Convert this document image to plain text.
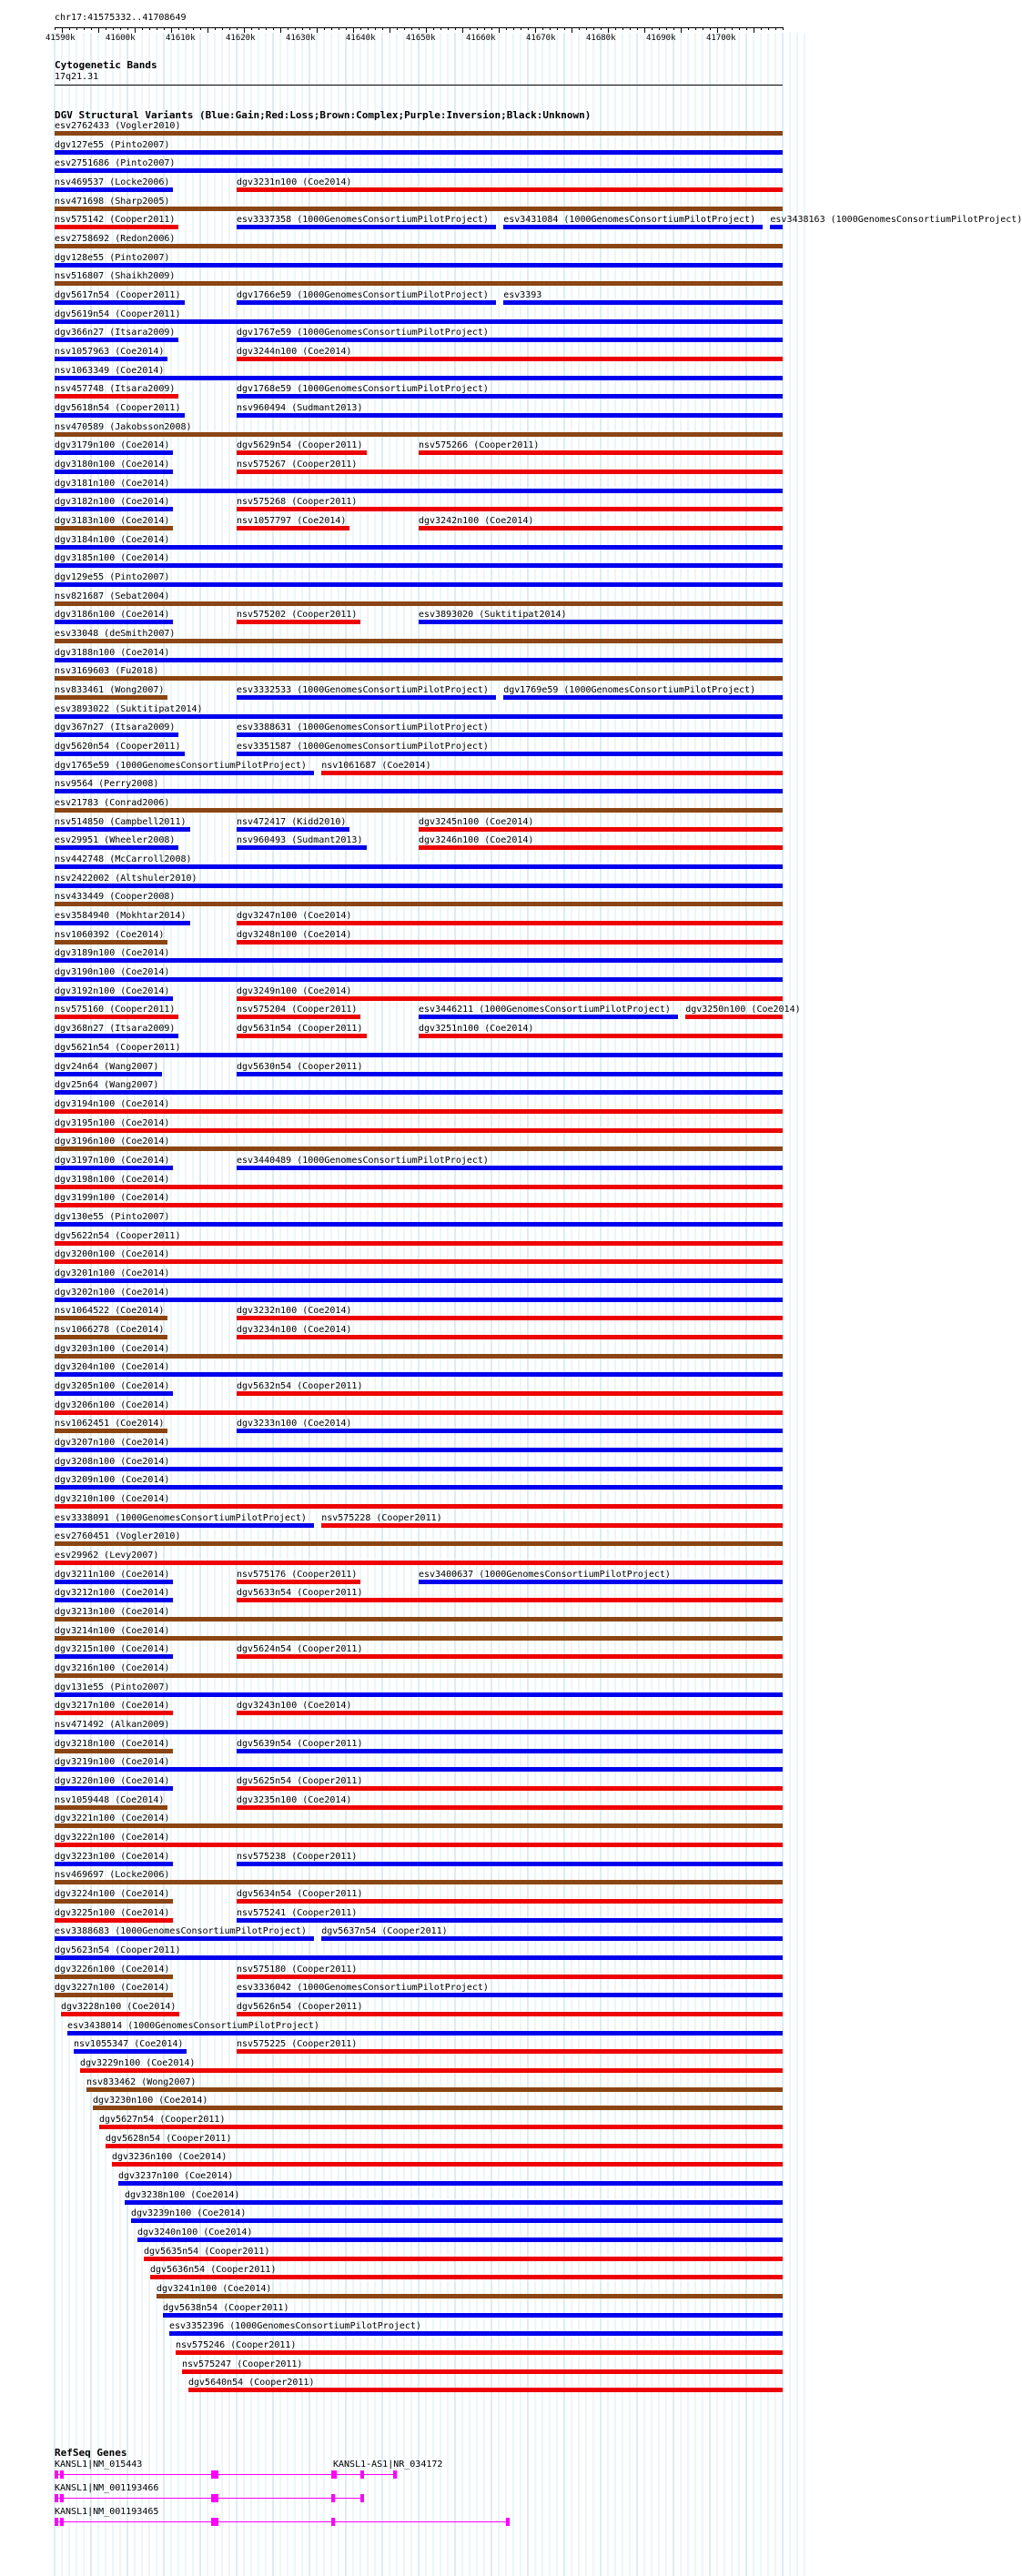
chr17:41575332..41708649
41590k	41600k	41610k	41620k	41630k	41640k	41650k	41660k	41670k	41680k	41690k	41700k
Cytogenetic Bands
17q21.31
DGV Structural Variants (Blue:Gain;Red:Loss;Brown:Complex;Purple:Inversion;Black:Unknown)
esv2762433 (Vogler2010)
dgv127e55 (Pinto2007)
esv2751686 (Pinto2007)
nsv469537 (Locke2006)	dgv3231n100 (Coe2014)
nsv471698 (Sharp2005)
nsv575142 (Cooper2011)	esv3337358 (1000GenomesConsortiumPilotProject) esv3431084 (1000GenomesConsortiumPilotProject) esv3438163 (1000GenomesConsortiumPilotProject)
esv2758692 (Redon2006)
dgv128e55 (Pinto2007)
nsv516807 (Shaikh2009)
dgv5617n54 (Cooper2011)	dgv1766e59 (1000GenomesConsortiumPilotProject) esv3393
dgv5619n54 (Cooper2011)
dgv366n27 (Itsara2009)	dgv1767e59 (1000GenomesConsortiumPilotProject)
nsv1057963 (Coe2014)	dgv3244n100 (Coe2014)
nsv1063349 (Coe2014)
nsv457748 (Itsara2009)	dgv1768e59 (1000GenomesConsortiumPilotProject)
dgv5618n54 (Cooper2011)	nsv960494 (Sudmant2013)
nsv470589 (Jakobsson2008)
dgv3179n100 (Coe2014)	dgv5629n54 (Cooper2011)	nsv575266 (Cooper2011)
dgv3180n100 (Coe2014)	nsv575267 (Cooper2011)
dgv3181n100 (Coe2014)
dgv3182n100 (Coe2014)	nsv575268 (Cooper2011)
dgv3183n100 (Coe2014)	nsv1057797 (Coe2014)	dgv3242n100 (Coe2014)
dgv3184n100 (Coe2014)
dgv3185n100 (Coe2014)
dgv129e55 (Pinto2007)
nsv821687 (Sebat2004)
dgv3186n100 (Coe2014)	nsv575202 (Cooper2011)	esv3893020 (Suktitipat2014)
esv33048 (deSmith2007)
dgv3188n100 (Coe2014)
nsv3169603 (Fu2018)
nsv833461 (Wong2007)	esv3332533 (1000GenomesConsortiumPilotProject) dgv1769e59 (1000GenomesConsortiumPilotProject)
esv3893022 (Suktitipat2014)
dgv367n27 (Itsara2009)	esv3388631 (1000GenomesConsortiumPilotProject)
dgv5620n54 (Cooper2011)	esv3351587 (1000GenomesConsortiumPilotProject)
dgv1765e59 (1000GenomesConsortiumPilotProject) nsv1061687 (Coe2014)
nsv9564 (Perry2008)
esv21783 (Conrad2006)
nsv514850 (Campbell2011)	nsv472417 (Kidd2010)	dgv3245n100 (Coe2014)
esv29951 (Wheeler2008)	nsv960493 (Sudmant2013)	dgv3246n100 (Coe2014)
nsv442748 (McCarroll2008)
nsv2422002 (Altshuler2010)
nsv433449 (Cooper2008)
esv3584940 (Mokhtar2014)	dgv3247n100 (Coe2014)
nsv1060392 (Coe2014)	dgv3248n100 (Coe2014)
dgv3189n100 (Coe2014)
dgv3190n100 (Coe2014)
dgv3192n100 (Coe2014)	dgv3249n100 (Coe2014)
nsv575160 (Cooper2011)	nsv575204 (Cooper2011)	esv3446211 (1000GenomesConsortiumPilotProject) dgv3250n100 (Coe2014)
dgv368n27 (Itsara2009)	dgv5631n54 (Cooper2011)	dgv3251n100 (Coe2014)
dgv5621n54 (Cooper2011)
dgv24n64 (Wang2007)	dgv5630n54 (Cooper2011)
dgv25n64 (Wang2007)
dgv3194n100 (Coe2014)
dgv3195n100 (Coe2014)
dgv3196n100 (Coe2014)
dgv3197n100 (Coe2014)	esv3440489 (1000GenomesConsortiumPilotProject)
dgv3198n100 (Coe2014)
dgv3199n100 (Coe2014)
dgv130e55 (Pinto2007)
dgv5622n54 (Cooper2011)
dgv3200n100 (Coe2014)
dgv3201n100 (Coe2014)
dgv3202n100 (Coe2014)
nsv1064522 (Coe2014)	dgv3232n100 (Coe2014)
nsv1066278 (Coe2014)	dgv3234n100 (Coe2014)
dgv3203n100 (Coe2014)
dgv3204n100 (Coe2014)
dgv3205n100 (Coe2014)	dgv5632n54 (Cooper2011)
dgv3206n100 (Coe2014)
nsv1062451 (Coe2014)	dgv3233n100 (Coe2014)
dgv3207n100 (Coe2014)
dgv3208n100 (Coe2014)
dgv3209n100 (Coe2014)
dgv3210n100 (Coe2014)
esv3338091 (1000GenomesConsortiumPilotProject) nsv575228 (Cooper2011)
esv2760451 (Vogler2010)
esv29962 (Levy2007)
dgv3211n100 (Coe2014)	nsv575176 (Cooper2011)	esv3400637 (1000GenomesConsortiumPilotProject)
dgv3212n100 (Coe2014)	dgv5633n54 (Cooper2011)
dgv3213n100 (Coe2014)
dgv3214n100 (Coe2014)
dgv3215n100 (Coe2014)	dgv5624n54 (Cooper2011)
dgv3216n100 (Coe2014)
dgv131e55 (Pinto2007)
dgv3217n100 (Coe2014)	dgv3243n100 (Coe2014)
nsv471492 (Alkan2009)
dgv3218n100 (Coe2014)	dgv5639n54 (Cooper2011)
dgv3219n100 (Coe2014)
dgv3220n100 (Coe2014)	dgv5625n54 (Cooper2011)
nsv1059448 (Coe2014)	dgv3235n100 (Coe2014)
dgv3221n100 (Coe2014)
dgv3222n100 (Coe2014)
dgv3223n100 (Coe2014)	nsv575238 (Cooper2011)
nsv469697 (Locke2006)
dgv3224n100 (Coe2014)	dgv5634n54 (Cooper2011)
dgv3225n100 (Coe2014)	nsv575241 (Cooper2011)
esv3388683 (1000GenomesConsortiumPilotProject) dgv5637n54 (Cooper2011)
dgv5623n54 (Cooper2011)
dgv3226n100 (Coe2014)	nsv575180 (Cooper2011)
dgv3227n100 (Coe2014)	esv3336042 (1000GenomesConsortiumPilotProject)
dgv3228n100 (Coe2014)	dgv5626n54 (Cooper2011)
esv3438014 (1000GenomesConsortiumPilotProject)
nsv1055347 (Coe2014)	nsv575225 (Cooper2011)
dgv3229n100 (Coe2014)
nsv833462 (Wong2007)
dgv3230n100 (Coe2014)
dgv5627n54 (Cooper2011)
dgv5628n54 (Cooper2011)
dgv3236n100 (Coe2014)
dgv3237n100 (Coe2014)
dgv3238n100 (Coe2014)
dgv3239n100 (Coe2014)
dgv3240n100 (Coe2014)
dgv5635n54 (Cooper2011)
dgv5636n54 (Cooper2011)
dgv3241n100 (Coe2014)
dgv5638n54 (Cooper2011)
esv3352396 (1000GenomesConsortiumPilotProject)
nsv575246 (Cooper2011)
nsv575247 (Cooper2011)
dgv5640n54 (Cooper2011)
RefSeq Genes
KANSL1|NM_015443	KANSL1-AS1|NR_034172
KANSL1|NM_001193466
KANSL1|NM_001193465
